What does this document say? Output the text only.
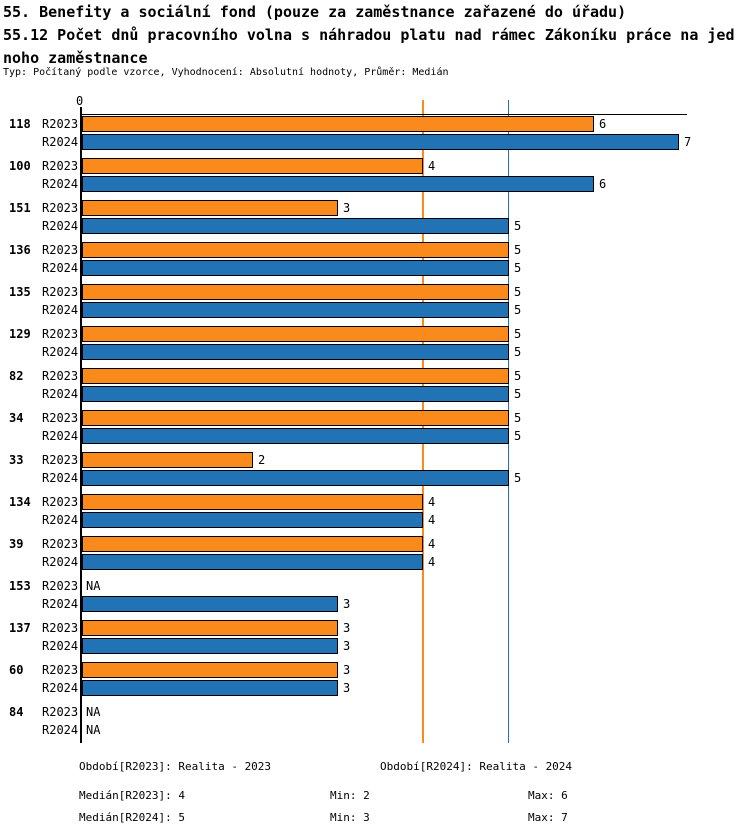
55. Benefity a sociální fond (pouze za zaměstnance zařazené do úřadu)
55.12 Počet dnů pracovního volna s náhradou platu nad rámec Zákoníku práce na jed
noho zaměstnance
Typ: Počítaný podle vzorce, Vyhodnocení: Absolutní hodnoty, Průměr: Medián
0
118 R2023	6
R2024	7
100 R2023	4
R2024	6
151 R2023	3
R2024	5
136 R2023	5
R2024	5
135 R2023	5
R2024	5
129 R2023	5
R2024	5
82 R2023	5
R2024	5
34 R2023	5
R2024	5
33 R2023	2
R2024	5
134 R2023	4
R2024	4
39 R2023	4
R2024	4
153 R2023 NA
R2024	3
137 R2023	3
R2024	3
60 R2023	3
R2024	3
84 R2023 NA
R2024 NA
Období[R2023]: Realita - 2023	Období[R2024]: Realita - 2024
Medián[R2023]: 4	Min: 2	Max: 6
Medián[R2024]: 5	Min: 3	Max: 7
